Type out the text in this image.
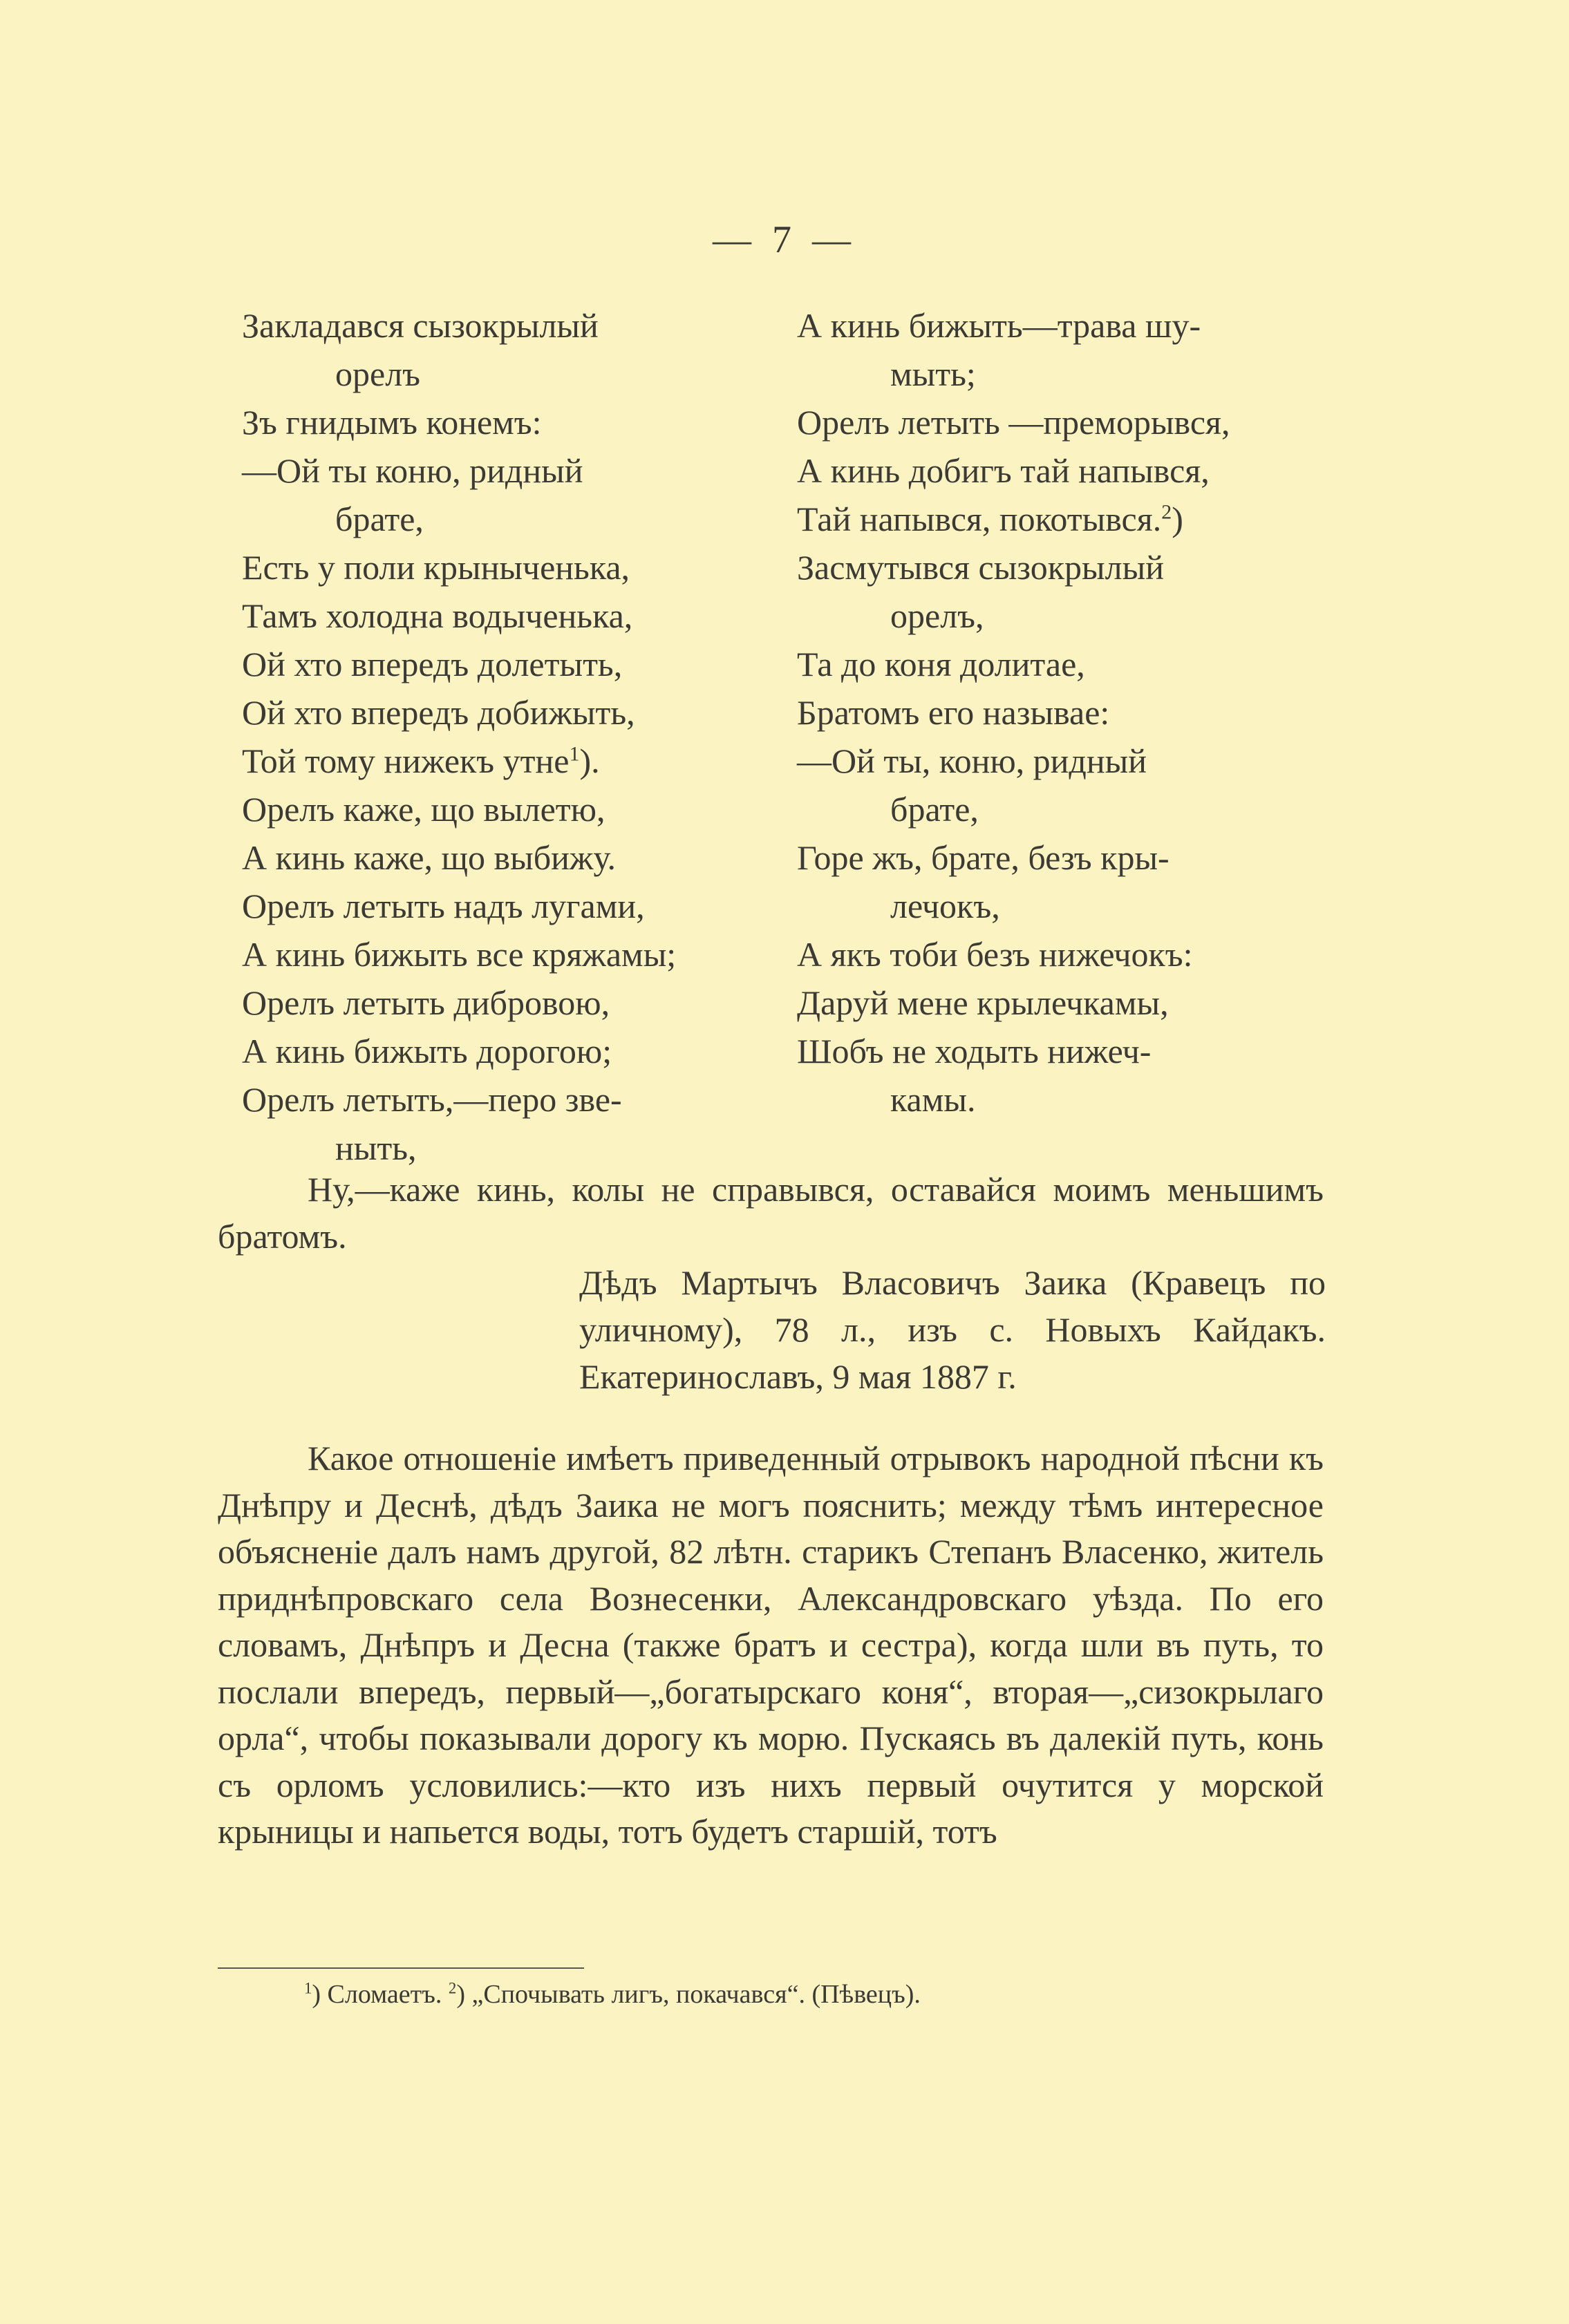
— 7 —
Закладався сызокрылый
орелъ
Зъ гнидымъ конемъ:
—Ой ты коню, ридный
брате,
Есть у поли крыныченька,
Тамъ холодна водыченька,
Ой хто впередъ долетыть,
Ой хто впередъ добижыть,
Той тому нижекъ утне$^1$).
Орелъ каже, що вылетю,
А кинь каже, що выбижу.
Орелъ летыть надъ лугами,
А кинь бижыть все кряжамы;
Орелъ летыть дибровою,
А кинь бижыть дорогою;
Орелъ летыть,—перо зве-
ныть,
А кинь бижыть—трава шу-
мыть;
Орелъ летыть —преморывся,
А кинь добигъ тай напывся,
Тай напывся, покотывся.$^2$)
Засмутывся сызокрылый
орелъ,
Та до коня долитае,
Братомъ его называе:
—Ой ты, коню, ридный
брате,
Горе жъ, брате, безъ кры-
лечокъ,
А якъ тоби безъ нижечокъ:
Даруй мене крылечкамы,
Шобъ не ходыть нижеч-
камы.

Ну,—каже кинь, колы не справывся, оставайся моимъ меньшимъ братомъ.

Дѣдъ Мартычъ Власовичъ Заика (Кравецъ по уличному), 78 л., изъ с. Новыхъ Кайдакъ. Екатеринославъ, 9 мая 1887 г.

Какое отношеніе имѣетъ приведенный отрывокъ народной пѣсни къ Днѣпру и Деснѣ, дѣдъ Заика не могъ пояснить; между тѣмъ интересное объясненіе далъ намъ другой, 82 лѣтн. старикъ Степанъ Власенко, житель приднѣпровскаго села Вознесенки, Александровскаго уѣзда. По его словамъ, Днѣпръ и Десна (также братъ и сестра), когда шли въ путь, то послали впередъ, первый—„богатырскаго коня“, вторая—„сизокрылаго орла“, чтобы показывали дорогу къ морю. Пускаясь въ далекій путь, конь съ орломъ условились:—кто изъ нихъ первый очутится у морской крыницы и напьется воды, тотъ будетъ старшій, тотъ

$^1$) Сломаетъ. $^2$) „Спочывать лигъ, покачався“. (Пѣвецъ).
